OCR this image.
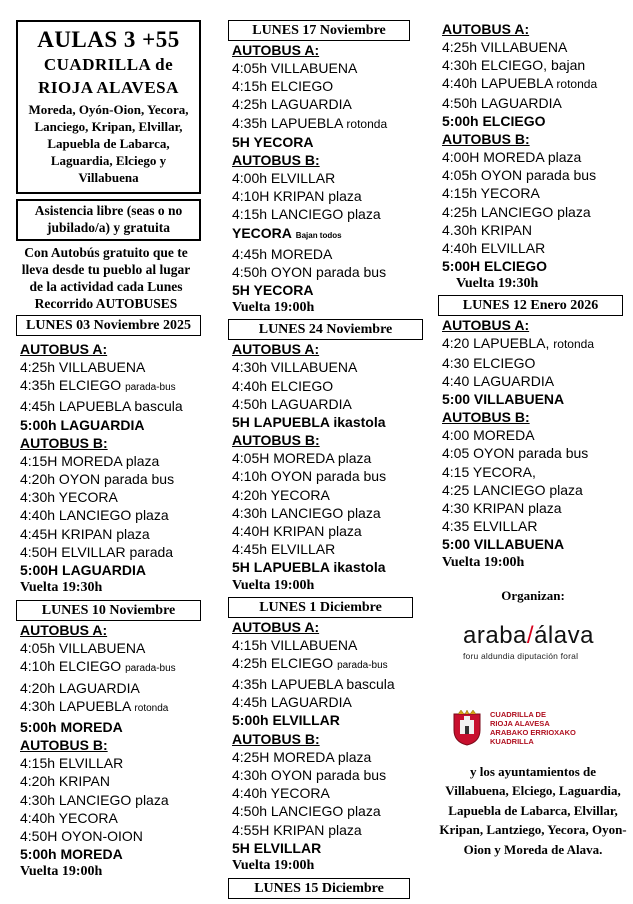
AULAS 3 +55
CUADRILLA de
RIOJA ALAVESA
Moreda, Oyón-Oion, Yecora, Lanciego, Kripan, Elvillar, Lapuebla de Labarca, Laguardia, Elciego y Villabuena
Asistencia libre (seas o no jubilado/a) y gratuita
Con Autobús gratuito que te lleva desde tu pueblo al lugar de la actividad cada Lunes Recorrido AUTOBUSES
LUNES 03 Noviembre 2025
AUTOBUS A:
4:25h VILLABUENA
4:35h ELCIEGO parada-bus
4:45h LAPUEBLA bascula
5:00h LAGUARDIA
AUTOBUS B:
4:15H MOREDA plaza
4:20h OYON parada bus
4:30h YECORA
4:40h LANCIEGO plaza
4:45H KRIPAN plaza
4:50H ELVILLAR parada
5:00H LAGUARDIA
Vuelta 19:30h
LUNES 10 Noviembre
AUTOBUS A:
4:05h VILLABUENA
4:10h ELCIEGO parada-bus
4:20h LAGUARDIA
4:30h LAPUEBLA rotonda
5:00h MOREDA
AUTOBUS B:
4:15h ELVILLAR
4:20h KRIPAN
4:30h LANCIEGO plaza
4:40h YECORA
4:50H OYON-OION
5:00h MOREDA
Vuelta 19:00h
LUNES 17 Noviembre
AUTOBUS A:
4:05h VILLABUENA
4:15h ELCIEGO
4:25h LAGUARDIA
4:35h LAPUEBLA rotonda
5H YECORA
AUTOBUS B:
4:00h ELVILLAR
4:10H KRIPAN plaza
4:15h LANCIEGO plaza
YECORA Bajan todos
4:45h MOREDA
4:50h OYON parada bus
5H YECORA
Vuelta 19:00h
LUNES 24 Noviembre
AUTOBUS A:
4:30h VILLABUENA
4:40h ELCIEGO
4:50h LAGUARDIA
5H LAPUEBLA ikastola
AUTOBUS B:
4:05H MOREDA plaza
4:10h OYON parada bus
4:20h YECORA
4:30h LANCIEGO plaza
4:40H KRIPAN plaza
4:45h ELVILLAR
5H LAPUEBLA ikastola
Vuelta 19:00h
LUNES 1 Diciembre
AUTOBUS A:
4:15h VILLABUENA
4:25h ELCIEGO parada-bus
4:35h LAPUEBLA bascula
4:45h LAGUARDIA
5:00h ELVILLAR
AUTOBUS B:
4:25H MOREDA plaza
4:30h OYON parada bus
4:40h YECORA
4:50h LANCIEGO plaza
4:55H KRIPAN plaza
5H ELVILLAR
Vuelta 19:00h
LUNES 15 Diciembre
AUTOBUS A:
4:25h VILLABUENA
4:30h ELCIEGO, bajan
4:40h LAPUEBLA rotonda
4:50h LAGUARDIA
5:00h ELCIEGO
AUTOBUS B:
4:00H MOREDA plaza
4:05h OYON parada bus
4:15h YECORA
4:25h LANCIEGO plaza
4.30h KRIPAN
4:40h ELVILLAR
5:00H ELCIEGO
Vuelta 19:30h
LUNES 12 Enero 2026
AUTOBUS A:
4:20 LAPUEBLA, rotonda
4:30 ELCIEGO
4:40 LAGUARDIA
5:00 VILLABUENA
AUTOBUS B:
4:00 MOREDA
4:05 OYON parada bus
4:15 YECORA,
4:25 LANCIEGO plaza
4:30 KRIPAN plaza
4:35 ELVILLAR
5:00 VILLABUENA
Vuelta 19:00h
Organizan:
araba/álava
foru aldundia diputación foral
CUADRILLA DE
RIOJA ALAVESA
ARABAKO ERRIOXAKO
KUADRILLA
y los ayuntamientos de Villabuena, Elciego, Laguardia, Lapuebla de Labarca, Elvillar, Kripan, Lantziego, Yecora, Oyon-Oion y Moreda de Alava.
